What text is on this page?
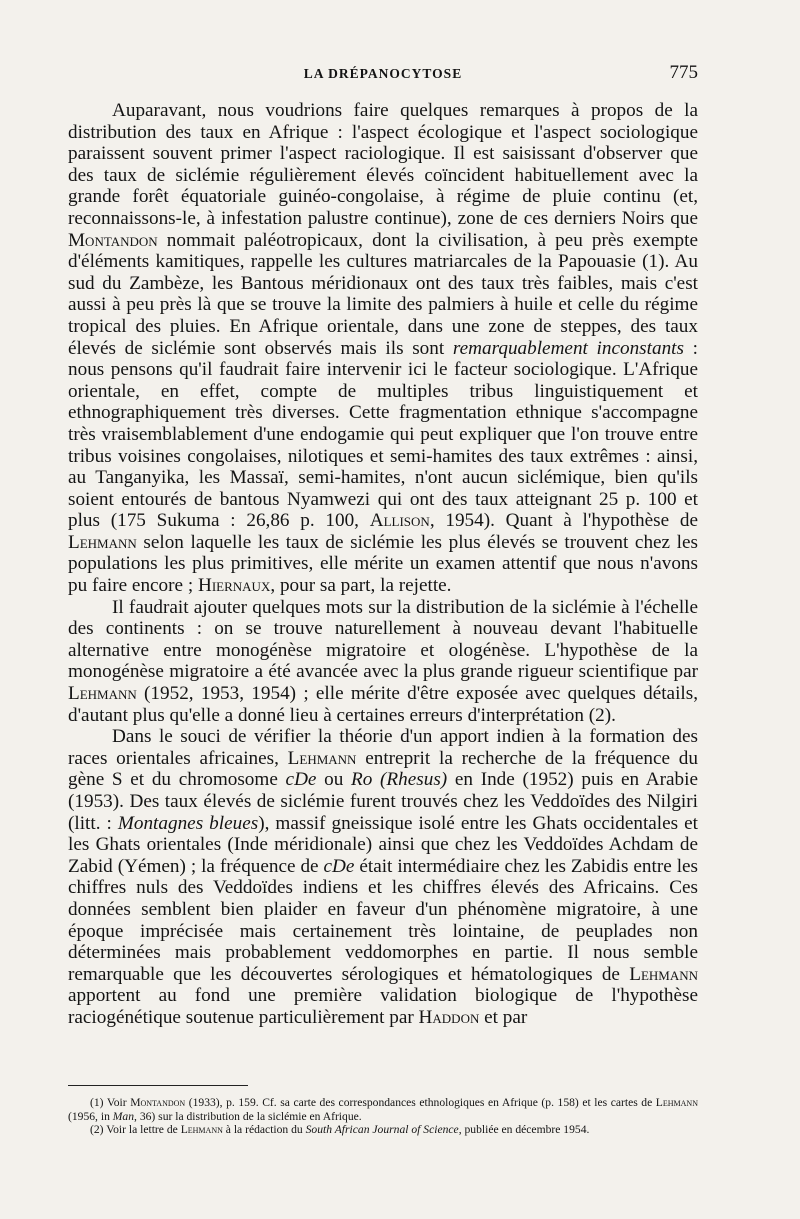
LA DRÉPANOCYTOSE	775

Auparavant, nous voudrions faire quelques remarques à propos de la distribution des taux en Afrique : l'aspect écologique et l'aspect sociologique paraissent souvent primer l'aspect raciologique. Il est saisissant d'observer que des taux de siclémie régulièrement élevés coïncident habituellement avec la grande forêt équatoriale guinéo-congolaise, à régime de pluie continu (et, reconnaissons-le, à infestation palustre continue), zone de ces derniers Noirs que Montandon nommait paléotropicaux, dont la civilisation, à peu près exempte d'éléments kamitiques, rappelle les cultures matriarcales de la Papouasie (1). Au sud du Zambèze, les Bantous méridionaux ont des taux très faibles, mais c'est aussi à peu près là que se trouve la limite des palmiers à huile et celle du régime tropical des pluies. En Afrique orientale, dans une zone de steppes, des taux élevés de siclémie sont observés mais ils sont remarquablement inconstants : nous pensons qu'il faudrait faire intervenir ici le facteur sociologique. L'Afrique orientale, en effet, compte de multiples tribus linguistiquement et ethnographiquement très diverses. Cette fragmentation ethnique s'accompagne très vraisemblablement d'une endogamie qui peut expliquer que l'on trouve entre tribus voisines congolaises, nilotiques et semi-hamites des taux extrêmes : ainsi, au Tanganyika, les Massaï, semi-hamites, n'ont aucun siclémique, bien qu'ils soient entourés de bantous Nyamwezi qui ont des taux atteignant 25 p. 100 et plus (175 Sukuma : 26,86 p. 100, Allison, 1954). Quant à l'hypothèse de Lehmann selon laquelle les taux de siclémie les plus élevés se trouvent chez les populations les plus primitives, elle mérite un examen attentif que nous n'avons pu faire encore ; Hiernaux, pour sa part, la rejette.

Il faudrait ajouter quelques mots sur la distribution de la siclémie à l'échelle des continents : on se trouve naturellement à nouveau devant l'habituelle alternative entre monogénèse migratoire et ologénèse. L'hypothèse de la monogénèse migratoire a été avancée avec la plus grande rigueur scientifique par Lehmann (1952, 1953, 1954) ; elle mérite d'être exposée avec quelques détails, d'autant plus qu'elle a donné lieu à certaines erreurs d'interprétation (2).

Dans le souci de vérifier la théorie d'un apport indien à la formation des races orientales africaines, Lehmann entreprit la recherche de la fréquence du gène S et du chromosome cDe ou Ro (Rhesus) en Inde (1952) puis en Arabie (1953). Des taux élevés de siclémie furent trouvés chez les Veddoïdes des Nilgiri (litt. : Montagnes bleues), massif gneissique isolé entre les Ghats occidentales et les Ghats orientales (Inde méridionale) ainsi que chez les Veddoïdes Achdam de Zabid (Yémen) ; la fréquence de cDe était intermédiaire chez les Zabidis entre les chiffres nuls des Veddoïdes indiens et les chiffres élevés des Africains. Ces données semblent bien plaider en faveur d'un phénomène migratoire, à une époque imprécisée mais certainement très lointaine, de peuplades non déterminées mais probablement veddomorphes en partie. Il nous semble remarquable que les découvertes sérologiques et hématologiques de Lehmann apportent au fond une première validation biologique de l'hypothèse raciogénétique soutenue particulièrement par Haddon et par

(1) Voir Montandon (1933), p. 159. Cf. sa carte des correspondances ethnologiques en Afrique (p. 158) et les cartes de Lehmann (1956, in Man, 36) sur la distribution de la siclémie en Afrique.

(2) Voir la lettre de Lehmann à la rédaction du South African Journal of Science, publiée en décembre 1954.
